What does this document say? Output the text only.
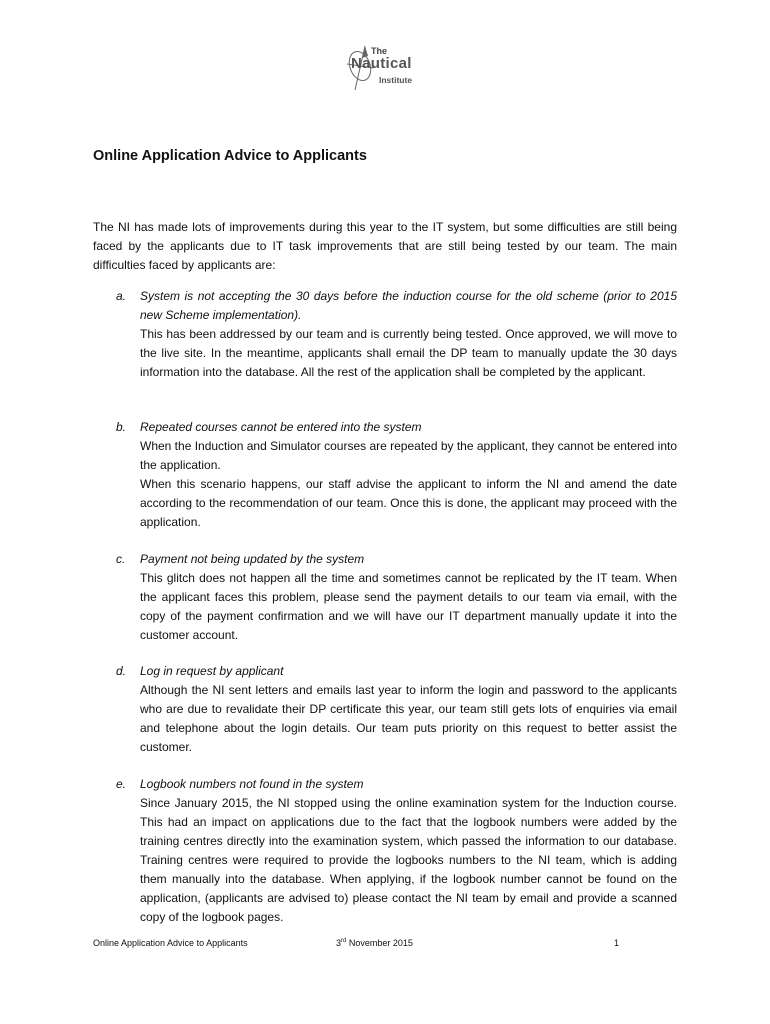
The
Nautical
Institute
Online Application Advice to Applicants

The NI has made lots of improvements during this year to the IT system, but some difficulties are still being faced by the applicants due to IT task improvements that are still being tested by our team. The main difficulties faced by applicants are:

a. System is not accepting the 30 days before the induction course for the old scheme (prior to 2015 new Scheme implementation).

This has been addressed by our team and is currently being tested. Once approved, we will move to the live site. In the meantime, applicants shall email the DP team to manually update the 30 days information into the database. All the rest of the application shall be completed by the applicant.

b. Repeated courses cannot be entered into the system

When the Induction and Simulator courses are repeated by the applicant, they cannot be entered into the application.

When this scenario happens, our staff advise the applicant to inform the NI and amend the date according to the recommendation of our team. Once this is done, the applicant may proceed with the application.

c. Payment not being updated by the system

This glitch does not happen all the time and sometimes cannot be replicated by the IT team. When the applicant faces this problem, please send the payment details to our team via email, with the copy of the payment confirmation and we will have our IT department manually update it into the customer account.

d. Log in request by applicant

Although the NI sent letters and emails last year to inform the login and password to the applicants who are due to revalidate their DP certificate this year, our team still gets lots of enquiries via email and telephone about the login details. Our team puts priority on this request to better assist the customer.

e. Logbook numbers not found in the system

Since January 2015, the NI stopped using the online examination system for the Induction course. This had an impact on applications due to the fact that the logbook numbers were added by the training centres directly into the examination system, which passed the information to our database. Training centres were required to provide the logbooks numbers to the NI team, which is adding them manually into the database. When applying, if the logbook number cannot be found on the application, (applicants are advised to) please contact the NI team by email and provide a scanned copy of the logbook pages.

Online Application Advice to Applicants	3rd November 2015	1
